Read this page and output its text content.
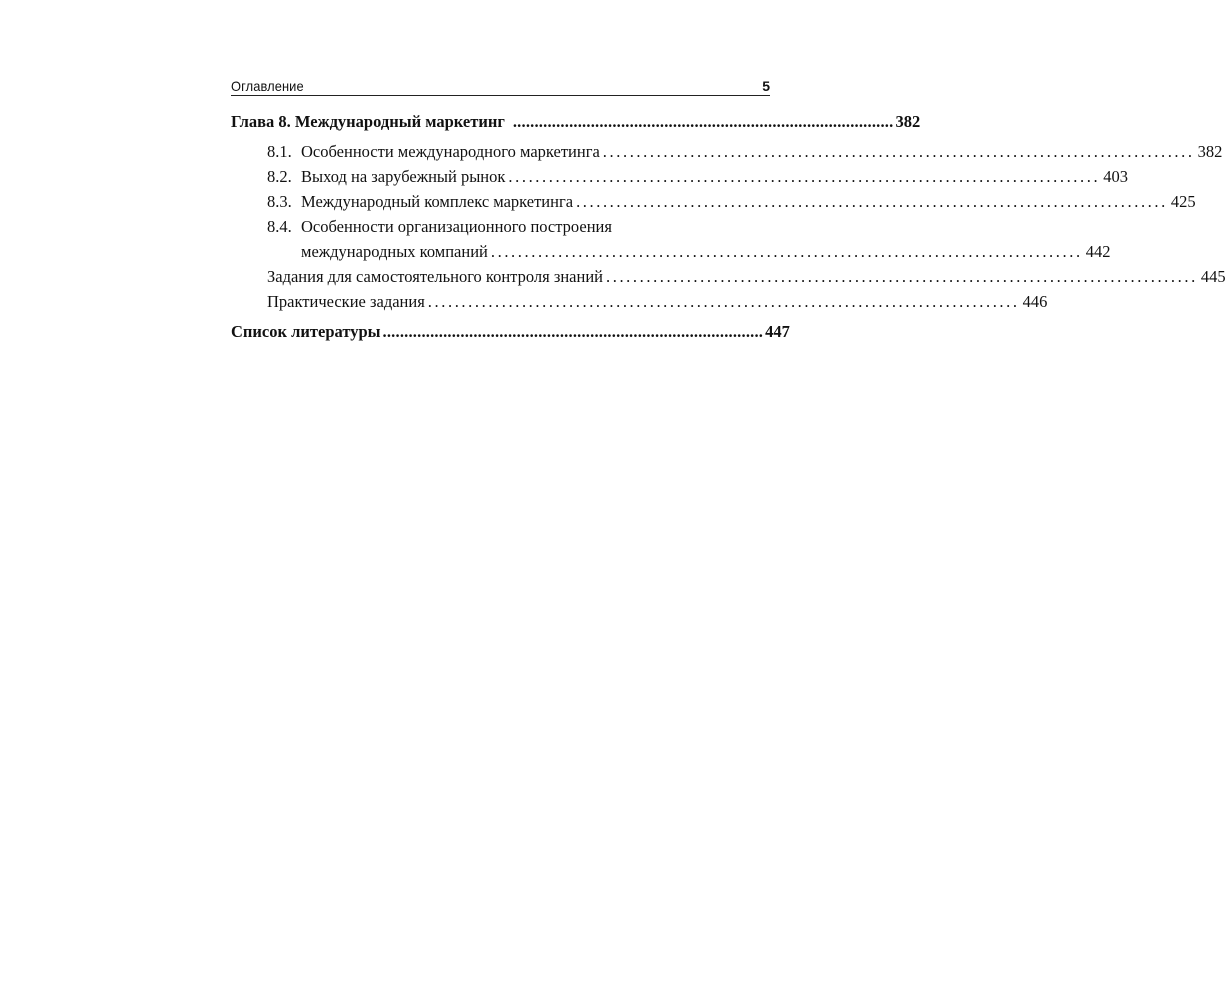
Оглавление	5
Глава 8. Международный маркетинг ........................................................................................ 382
8.1. Особенности международного маркетинга ........................................................................................ 382
8.2. Выход на зарубежный рынок ........................................................................................ 403
8.3. Международный комплекс маркетинга ........................................................................................ 425
8.4. Особенности организационного построения
международных компаний ........................................................................................ 442
Задания для самостоятельного контроля знаний ........................................................................................ 445
Практические задания ........................................................................................ 446
Список литературы ........................................................................................ 447
